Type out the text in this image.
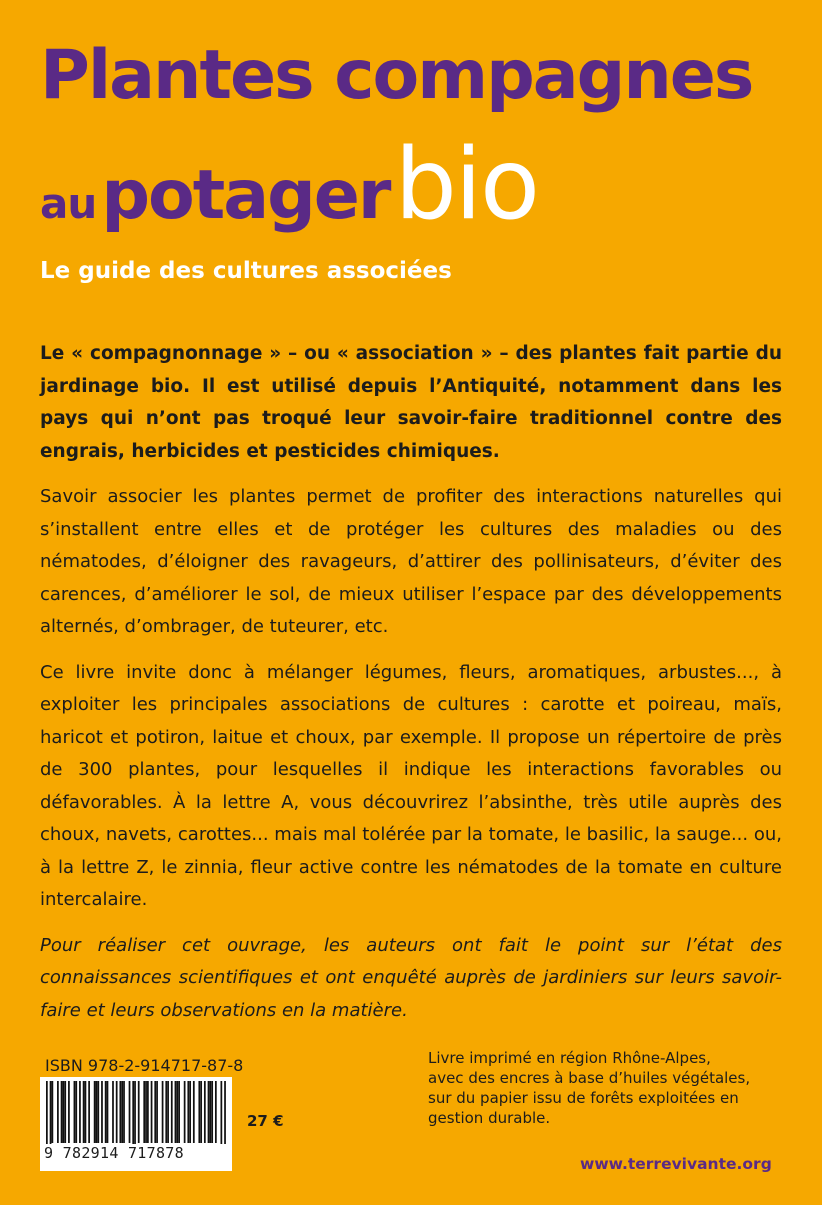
Plantes compagnes
au potager bio
Le guide des cultures associées

Le « compagnonnage » – ou « association » – des plantes fait partie du jardinage bio. Il est utilisé depuis l’Antiquité, notamment dans les pays qui n’ont pas troqué leur savoir-faire traditionnel contre des engrais, herbicides et pesticides chimiques.

Savoir associer les plantes permet de profiter des interactions naturelles qui s’installent entre elles et de protéger les cultures des maladies ou des nématodes, d’éloigner des ravageurs, d’attirer des pollinisateurs, d’éviter des carences, d’améliorer le sol, de mieux utiliser l’espace par des développements alternés, d’ombrager, de tuteurer, etc.

Ce livre invite donc à mélanger légumes, fleurs, aromatiques, arbustes..., à exploiter les principales associations de cultures : carotte et poireau, maïs, haricot et potiron, laitue et choux, par exemple. Il propose un répertoire de près de 300 plantes, pour lesquelles il indique les interactions favorables ou défavorables. À la lettre A, vous découvrirez l’absinthe, très utile auprès des choux, navets, carottes... mais mal tolérée par la tomate, le basilic, la sauge... ou, à la lettre Z, le zinnia, fleur active contre les nématodes de la tomate en culture intercalaire.

Pour réaliser cet ouvrage, les auteurs ont fait le point sur l’état des connaissances scientifiques et ont enquêté auprès de jardiniers sur leurs savoir-faire et leurs observations en la matière.

ISBN 978-2-914717-87-8
9 782914 717878
27 €
Livre imprimé en région Rhône-Alpes,
avec des encres à base d’huiles végétales,
sur du papier issu de forêts exploitées en
gestion durable.
www.terrevivante.org
